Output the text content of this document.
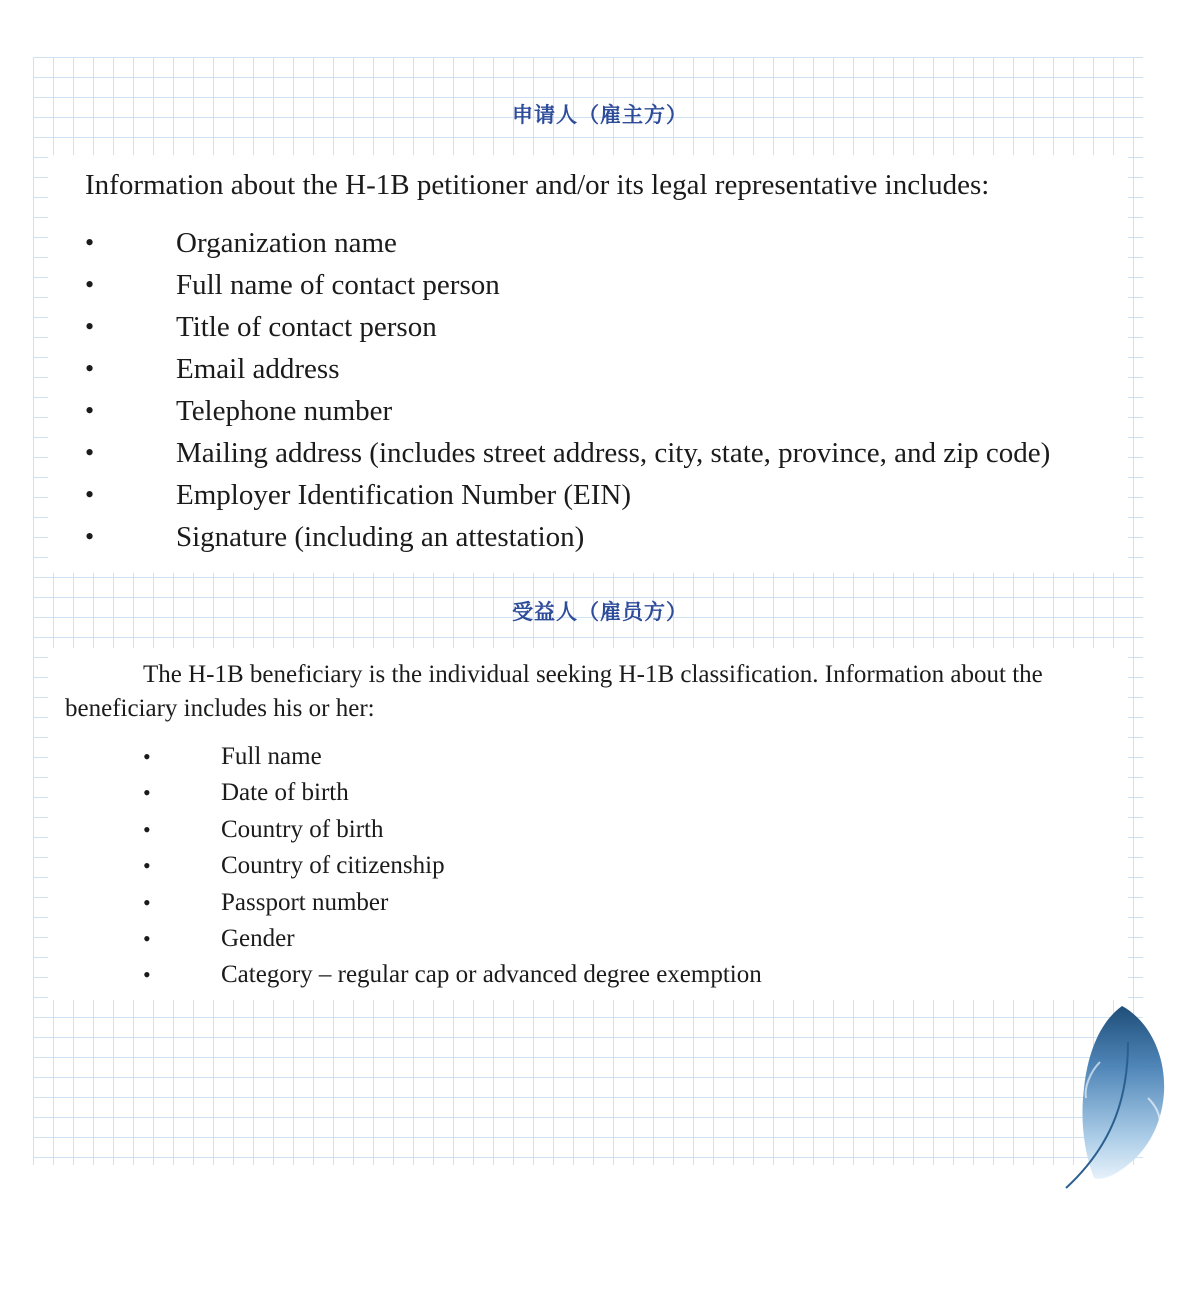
申请人（雇主方）
Information about the H-1B petitioner and/or its legal representative includes:
•	Organization name
•	Full name of contact person
•	Title of contact person
•	Email address
•	Telephone number
•	Mailing address (includes street address, city, state, province, and zip code)
•	Employer Identification Number (EIN)
•	Signature (including an attestation)
受益人（雇员方）
The H-1B beneficiary is the individual seeking H-1B classification. Information about the beneficiary includes his or her:
•	Full name
•	Date of birth
•	Country of birth
•	Country of citizenship
•	Passport number
•	Gender
•	Category – regular cap or advanced degree exemption
